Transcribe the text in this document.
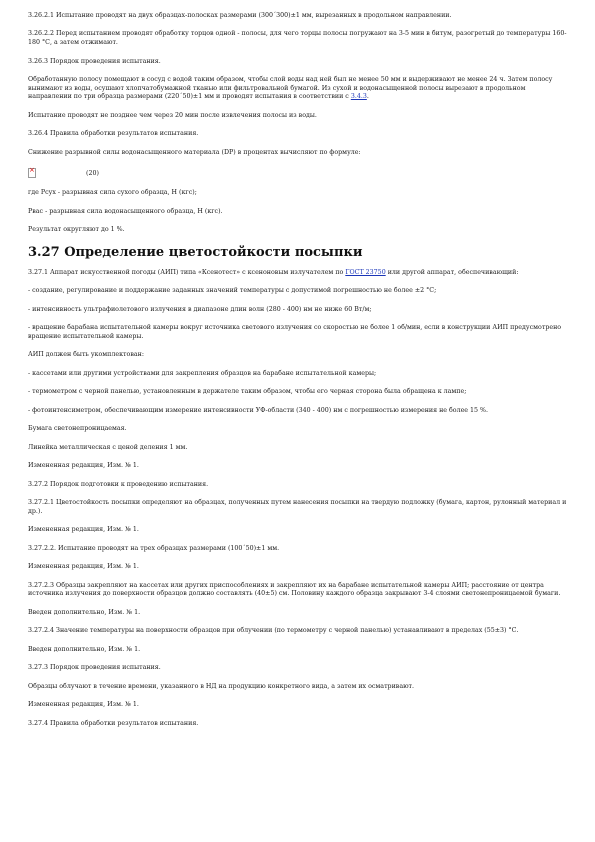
3.26.2.1 Испытание проводят на двух образцах-полосках размерами (300´300)±1 мм, вырезанных в продольном направлении.

3.26.2.2 Перед испытанием проводят обработку торцов одной - полосы, для чего торцы полосы погружают на 3-5 мин в битум, разогретый до температуры 160-180 °С, а затем отжимают.

3.26.3 Порядок проведения испытания.

Обработанную полосу помещают в сосуд с водой таким образом, чтобы слой воды над ней был не менее 50 мм и выдерживают не менее 24 ч. Затем полосу вынимают из воды, осушают хлопчатобумажной тканью или фильтровальной бумагой. Из сухой и водонасыщенной полосы вырезают в продольном направлении по три образца размерами (220´50)±1 мм и проводят испытания в соответствии с 3.4.3.

Испытание проводят не позднее чем через 20 мин после извлечения полосы из воды.

3.26.4 Правила обработки результатов испытания.

Снижение разрывной силы водонасыщенного материала (DP) в процентах вычисляют по формуле:

×
(20)

где Рсух - разрывная сила сухого образца, Н (кгс);

Рвас - разрывная сила водонасыщенного образца, Н (кгс).

Результат округляют до 1 %.

3.27 Определение цветостойкости посыпки

3.27.1 Аппарат искусственной погоды (АИП) типа «Ксенотест» с ксеноновым излучателем по ГОСТ 23750 или другой аппарат, обеспечивающий:

- создание, регулирование и поддержание заданных значений температуры с допустимой погрешностью не более ±2 °С;

- интенсивность ультрафиолетового излучения в диапазоне длин волн (280 - 400) нм не ниже 60 Вт/м;

- вращение барабана испытательной камеры вокруг источника светового излучения со скоростью не более 1 об/мин, если в конструкции АИП предусмотрено вращение испытательной камеры.

АИП должен быть укомплектован:

- кассетами или другими устройствами для закрепления образцов на барабане испытательной камеры;

- термометром с черной панелью, установленным в держателе таким образом, чтобы его черная сторона была обращена к лампе;

- фотоинтенсиметром, обеспечивающим измерение интенсивности УФ-области (340 - 400) нм с погрешностью измерения не более 15 %.

Бумага светонепроницаемая.

Линейка металлическая с ценой деления 1 мм.

Измененная редакция, Изм. № 1.

3.27.2 Порядок подготовки к проведению испытания.

3.27.2.1 Цветостойкость посыпки определяют на образцах, полученных путем нанесения посыпки на твердую подложку (бумага, картон, рулонный материал и др.).

Измененная редакция, Изм. № 1.

3.27.2.2. Испытание проводят на трех образцах размерами (100´50)±1 мм.

Измененная редакция, Изм. № 1.

3.27.2.3 Образцы закрепляют на кассетах или других приспособлениях и закрепляют их на барабане испытательной камеры АИП; расстояние от центра источника излучения до поверхности образцов должно составлять (40±5) см. Половину каждого образца закрывают 3-4 слоями светонепроницаемой бумаги.

Введен дополнительно, Изм. № 1.

3.27.2.4 Значение температуры на поверхности образцов при облучении (по термометру с черной панелью) устанавливают в пределах (55±3) °С.

Введен дополнительно, Изм. № 1.

3.27.3 Порядок проведения испытания.

Образцы облучают в течение времени, указанного в НД на продукцию конкретного вида, а затем их осматривают.

Измененная редакция, Изм. № 1.

3.27.4 Правила обработки результатов испытания.
